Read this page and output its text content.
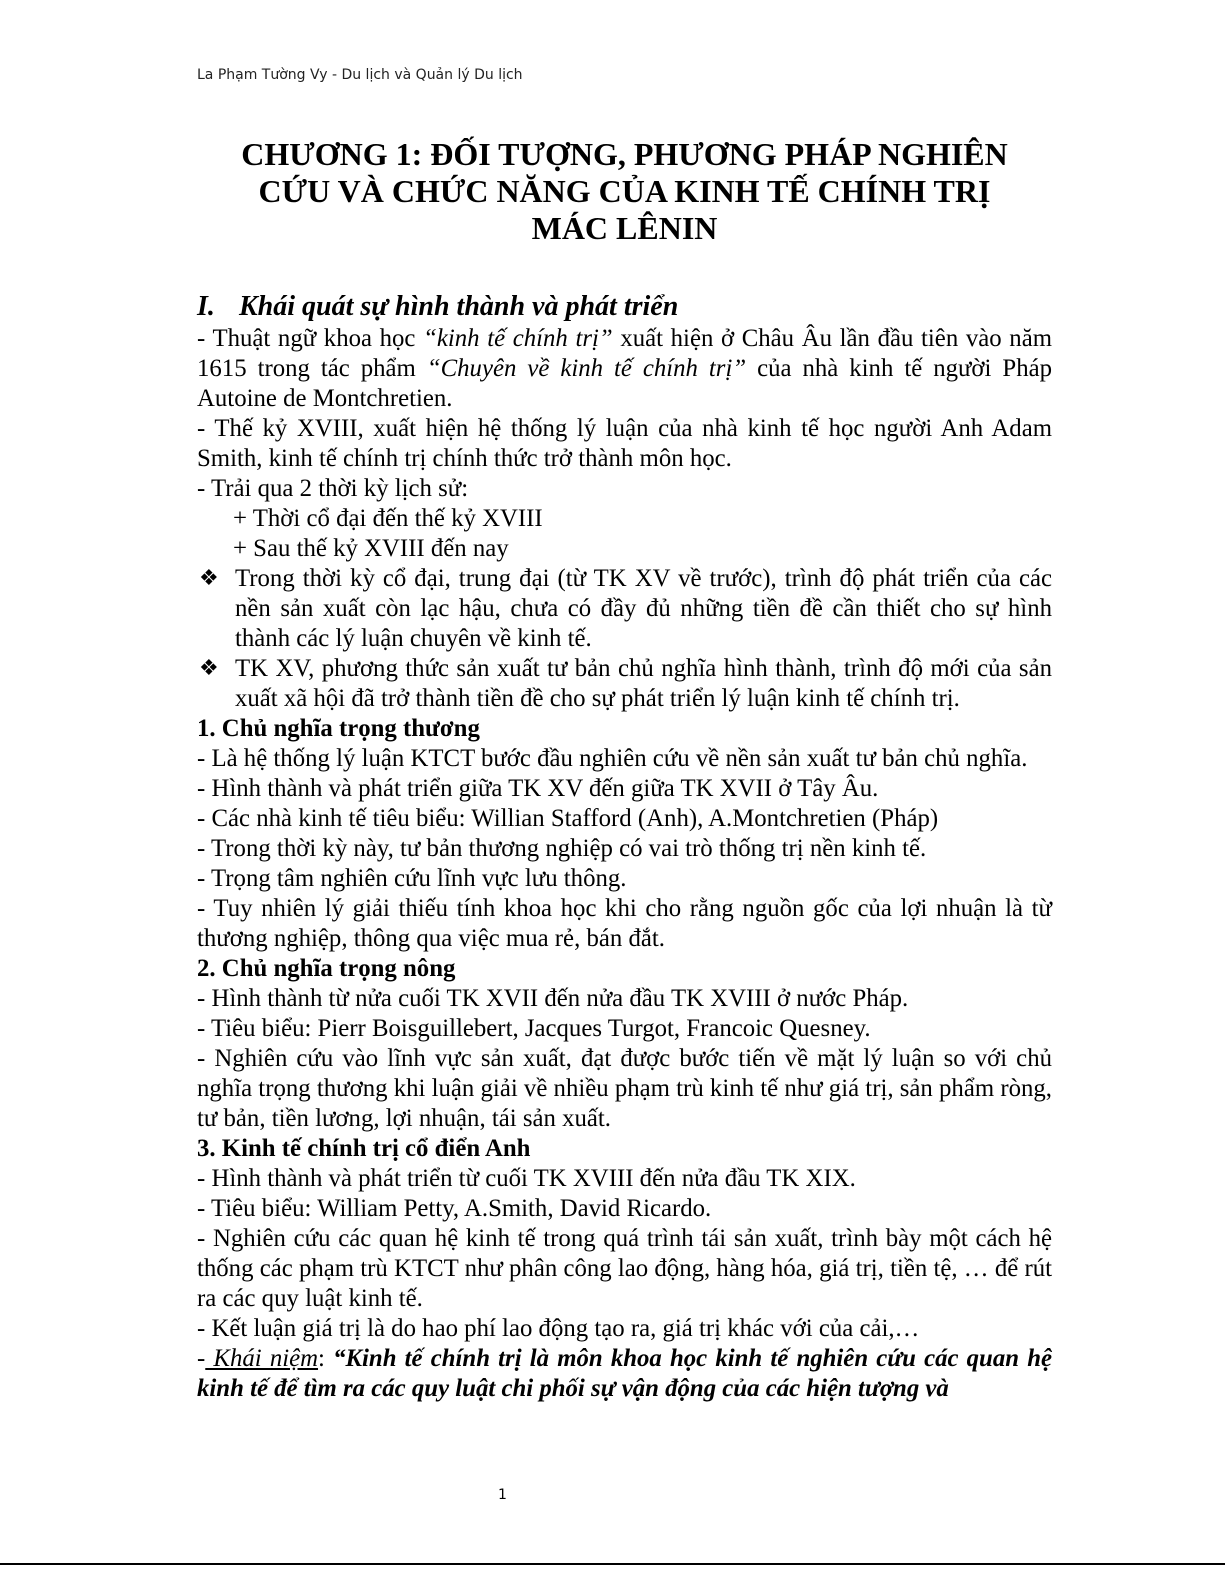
La Phạm Tường Vy - Du lịch và Quản lý Du lịch
CHƯƠNG 1: ĐỐI TƯỢNG, PHƯƠNG PHÁP NGHIÊN
CỨU VÀ CHỨC NĂNG CỦA KINH TẾ CHÍNH TRỊ
MÁC LÊNIN

I. Khái quát sự hình thành và phát triển

- Thuật ngữ khoa học “kinh tế chính trị” xuất hiện ở Châu Âu lần đầu tiên vào năm 1615 trong tác phẩm “Chuyên về kinh tế chính trị” của nhà kinh tế người Pháp Autoine de Montchretien.

- Thế kỷ XVIII, xuất hiện hệ thống lý luận của nhà kinh tế học người Anh Adam Smith, kinh tế chính trị chính thức trở thành môn học.

- Trải qua 2 thời kỳ lịch sử:

+ Thời cổ đại đến thế kỷ XVIII

+ Sau thế kỷ XVIII đến nay

❖ Trong thời kỳ cổ đại, trung đại (từ TK XV về trước), trình độ phát triển của các nền sản xuất còn lạc hậu, chưa có đầy đủ những tiền đề cần thiết cho sự hình thành các lý luận chuyên về kinh tế.
❖ TK XV, phương thức sản xuất tư bản chủ nghĩa hình thành, trình độ mới của sản xuất xã hội đã trở thành tiền đề cho sự phát triển lý luận kinh tế chính trị.

1. Chủ nghĩa trọng thương

- Là hệ thống lý luận KTCT bước đầu nghiên cứu về nền sản xuất tư bản chủ nghĩa.

- Hình thành và phát triển giữa TK XV đến giữa TK XVII ở Tây Âu.

- Các nhà kinh tế tiêu biểu: Willian Stafford (Anh), A.Montchretien (Pháp)

- Trong thời kỳ này, tư bản thương nghiệp có vai trò thống trị nền kinh tế.

- Trọng tâm nghiên cứu lĩnh vực lưu thông.

- Tuy nhiên lý giải thiếu tính khoa học khi cho rằng nguồn gốc của lợi nhuận là từ thương nghiệp, thông qua việc mua rẻ, bán đắt.

2. Chủ nghĩa trọng nông

- Hình thành từ nửa cuối TK XVII đến nửa đầu TK XVIII ở nước Pháp.

- Tiêu biểu: Pierr Boisguillebert, Jacques Turgot, Francoic Quesney.

- Nghiên cứu vào lĩnh vực sản xuất, đạt được bước tiến về mặt lý luận so với chủ nghĩa trọng thương khi luận giải về nhiều phạm trù kinh tế như giá trị, sản phẩm ròng, tư bản, tiền lương, lợi nhuận, tái sản xuất.

3. Kinh tế chính trị cổ điển Anh

- Hình thành và phát triển từ cuối TK XVIII đến nửa đầu TK XIX.

- Tiêu biểu: William Petty, A.Smith, David Ricardo.

- Nghiên cứu các quan hệ kinh tế trong quá trình tái sản xuất, trình bày một cách hệ thống các phạm trù KTCT như phân công lao động, hàng hóa, giá trị, tiền tệ, … để rút ra các quy luật kinh tế.

- Kết luận giá trị là do hao phí lao động tạo ra, giá trị khác với của cải,…

- Khái niệm: “Kinh tế chính trị là môn khoa học kinh tế nghiên cứu các quan hệ kinh tế để tìm ra các quy luật chi phối sự vận động của các hiện tượng và

1
